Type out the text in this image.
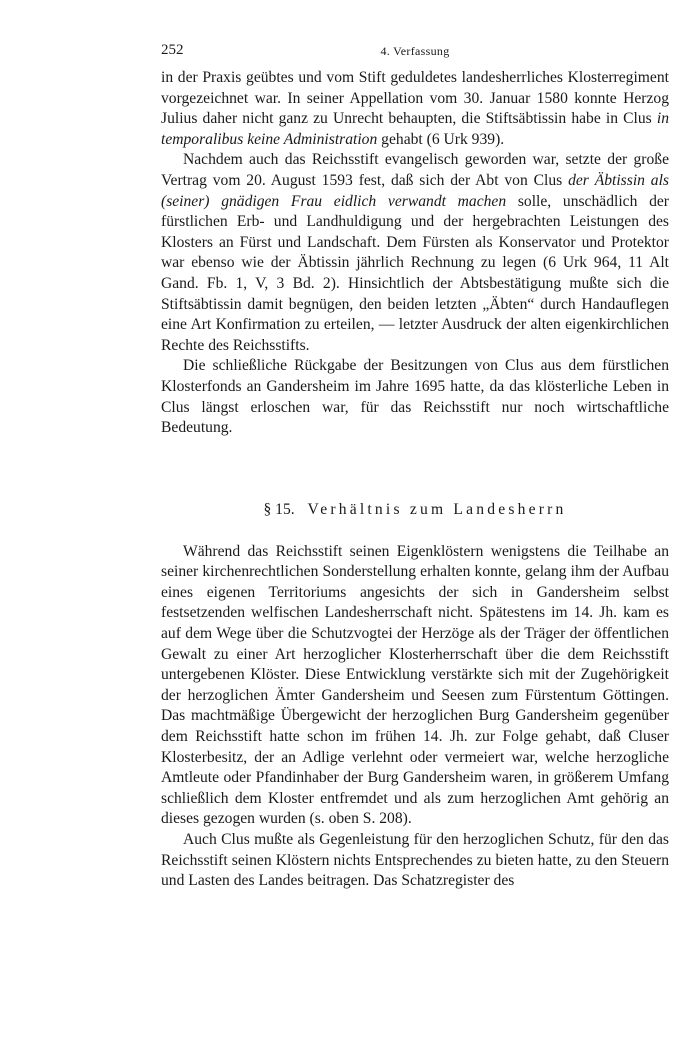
252	4. Verfassung

in der Praxis geübtes und vom Stift geduldetes landesherrliches Klosterregiment vorgezeichnet war. In seiner Appellation vom 30. Januar 1580 konnte Herzog Julius daher nicht ganz zu Unrecht behaupten, die Stiftsäbtissin habe in Clus in temporalibus keine Administration gehabt (6 Urk 939).

Nachdem auch das Reichsstift evangelisch geworden war, setzte der große Vertrag vom 20. August 1593 fest, daß sich der Abt von Clus der Äbtissin als (seiner) gnädigen Frau eidlich verwandt machen solle, unschädlich der fürstlichen Erb- und Landhuldigung und der hergebrachten Leistungen des Klosters an Fürst und Landschaft. Dem Fürsten als Konservator und Protektor war ebenso wie der Äbtissin jährlich Rechnung zu legen (6 Urk 964, 11 Alt Gand. Fb. 1, V, 3 Bd. 2). Hinsichtlich der Abtsbestätigung mußte sich die Stiftsäbtissin damit begnügen, den beiden letzten „Äbten“ durch Handauflegen eine Art Konfirmation zu erteilen, — letzter Ausdruck der alten eigenkirchlichen Rechte des Reichsstifts.

Die schließliche Rückgabe der Besitzungen von Clus aus dem fürstlichen Klosterfonds an Gandersheim im Jahre 1695 hatte, da das klösterliche Leben in Clus längst erloschen war, für das Reichsstift nur noch wirtschaftliche Bedeutung.

§ 15. Verhältnis zum Landesherrn

Während das Reichsstift seinen Eigenklöstern wenigstens die Teilhabe an seiner kirchenrechtlichen Sonderstellung erhalten konnte, gelang ihm der Aufbau eines eigenen Territoriums angesichts der sich in Gandersheim selbst festsetzenden welfischen Landesherrschaft nicht. Spätestens im 14. Jh. kam es auf dem Wege über die Schutzvogtei der Herzöge als der Träger der öffentlichen Gewalt zu einer Art herzoglicher Klosterherrschaft über die dem Reichsstift untergebenen Klöster. Diese Entwicklung verstärkte sich mit der Zugehörigkeit der herzoglichen Ämter Gandersheim und Seesen zum Fürstentum Göttingen. Das machtmäßige Übergewicht der herzoglichen Burg Gandersheim gegenüber dem Reichsstift hatte schon im frühen 14. Jh. zur Folge gehabt, daß Cluser Klosterbesitz, der an Adlige verlehnt oder vermeiert war, welche herzogliche Amtleute oder Pfandinhaber der Burg Gandersheim waren, in größerem Umfang schließlich dem Kloster entfremdet und als zum herzoglichen Amt gehörig an dieses gezogen wurden (s. oben S. 208).

Auch Clus mußte als Gegenleistung für den herzoglichen Schutz, für den das Reichsstift seinen Klöstern nichts Entsprechendes zu bieten hatte, zu den Steuern und Lasten des Landes beitragen. Das Schatzregister des
